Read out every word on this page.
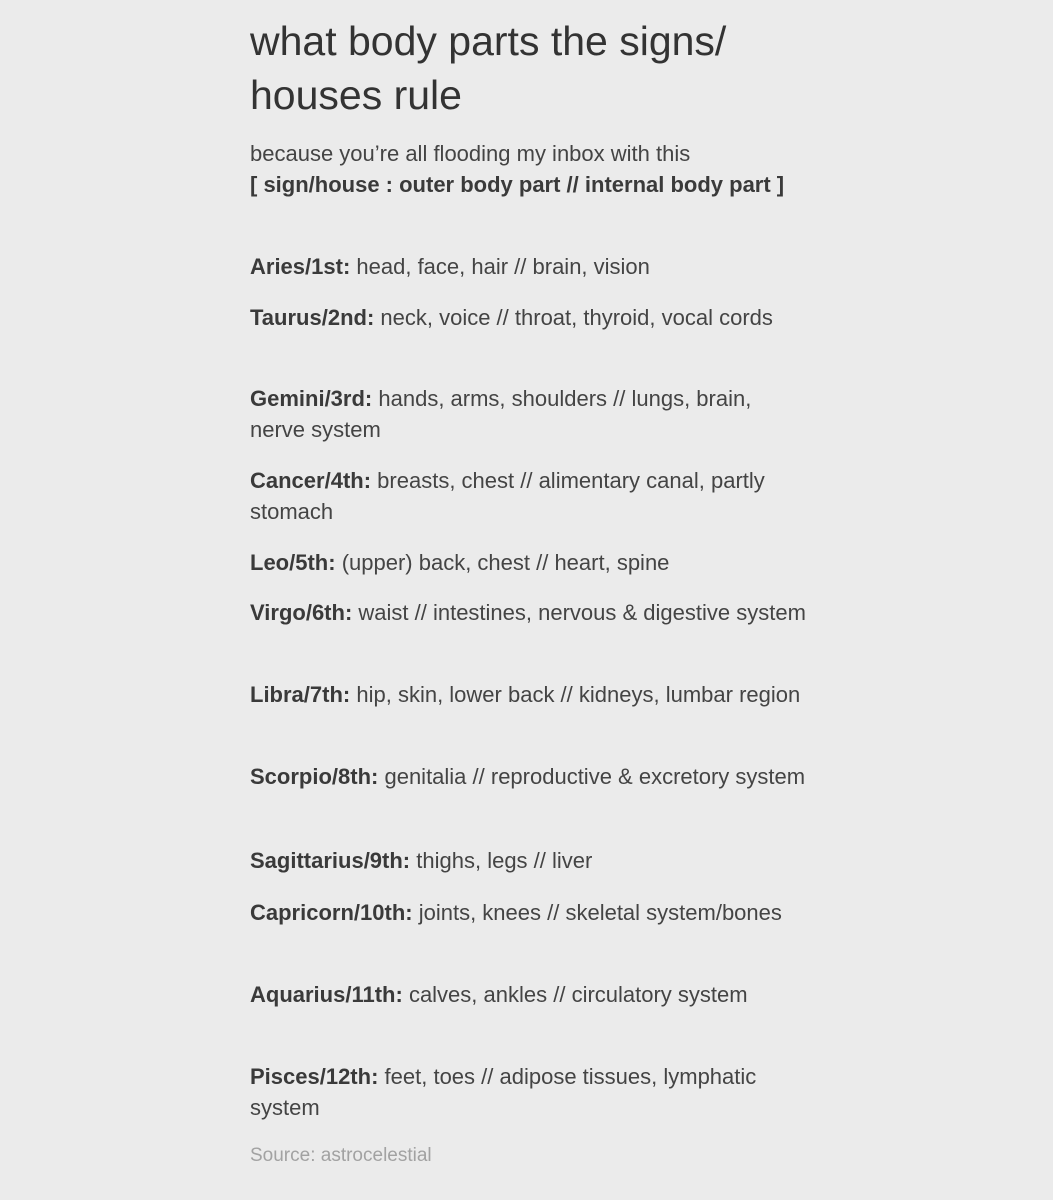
what body parts the signs/ houses rule
because you’re all flooding my inbox with this
[ sign/house : outer body part // internal body part ]
Aries/1st: head, face, hair // brain, vision
Taurus/2nd: neck, voice // throat, thyroid, vocal cords
Gemini/3rd: hands, arms, shoulders // lungs, brain, nerve system
Cancer/4th: breasts, chest // alimentary canal, partly stomach
Leo/5th: (upper) back, chest // heart, spine
Virgo/6th: waist // intestines, nervous & digestive system
Libra/7th: hip, skin, lower back // kidneys, lumbar region
Scorpio/8th: genitalia // reproductive & excretory system
Sagittarius/9th: thighs, legs // liver
Capricorn/10th: joints, knees // skeletal system/bones
Aquarius/11th: calves, ankles // circulatory system
Pisces/12th: feet, toes // adipose tissues, lymphatic system
Source: astrocelestial
